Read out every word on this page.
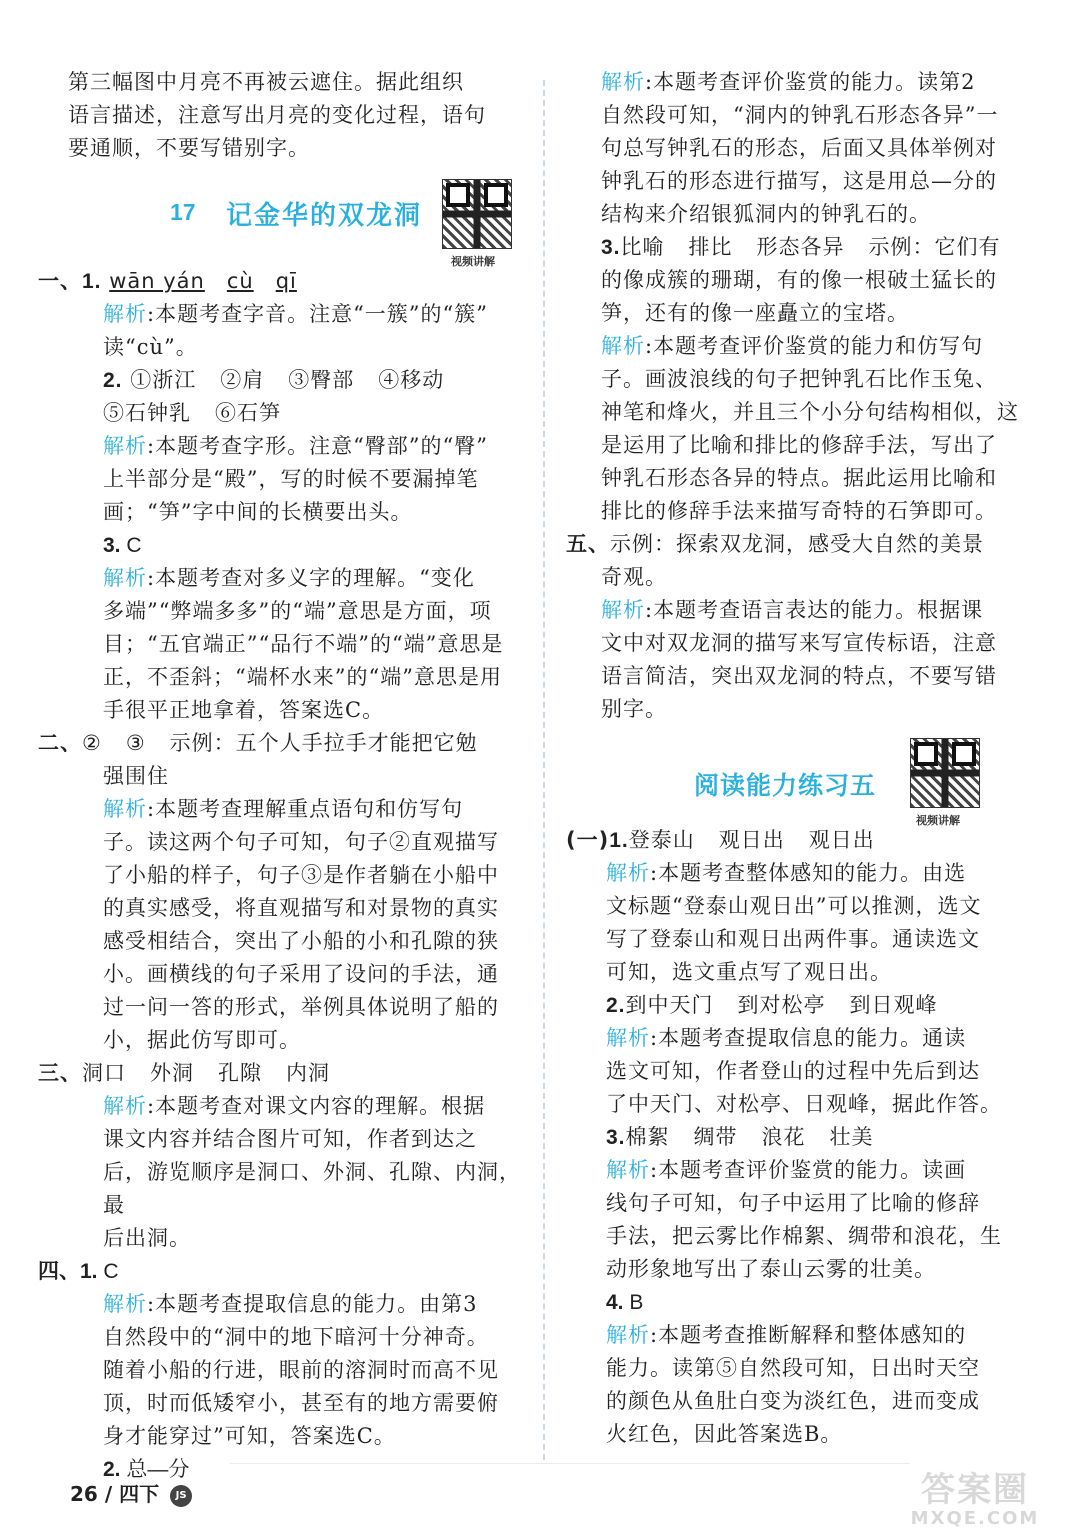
第三幅图中月亮不再被云遮住。据此组织

语言描述，注意写出月亮的变化过程，语句

要通顺，不要写错别字。

17 记金华的双龙洞
视频讲解

一、1. wān yán cù qī

解析:本题考查字音。注意“一簇”的“簇”

读“cù”。

2. ①浙江 ②肩 ③臀部 ④移动

⑤石钟乳 ⑥石笋

解析:本题考查字形。注意“臀部”的“臀”

上半部分是“殿”，写的时候不要漏掉笔

画；“笋”字中间的长横要出头。

3. C

解析:本题考查对多义字的理解。“变化

多端”“弊端多多”的“端”意思是方面，项

目；“五官端正”“品行不端”的“端”意思是

正，不歪斜；“端杯水来”的“端”意思是用

手很平正地拿着，答案选C。

二、② ③ 示例：五个人手拉手才能把它勉

强围住

解析:本题考查理解重点语句和仿写句

子。读这两个句子可知，句子②直观描写

了小船的样子，句子③是作者躺在小船中

的真实感受，将直观描写和对景物的真实

感受相结合，突出了小船的小和孔隙的狭

小。画横线的句子采用了设问的手法，通

过一问一答的形式，举例具体说明了船的

小，据此仿写即可。

三、洞口 外洞 孔隙 内洞

解析:本题考查对课文内容的理解。根据

课文内容并结合图片可知，作者到达之

后，游览顺序是洞口、外洞、孔隙、内洞，最

后出洞。

四、1. C

解析:本题考查提取信息的能力。由第3

自然段中的“洞中的地下暗河十分神奇。

随着小船的行进，眼前的溶洞时而高不见

顶，时而低矮窄小，甚至有的地方需要俯

身才能穿过”可知，答案选C。

2. 总—分

解析:本题考查评价鉴赏的能力。读第2

自然段可知，“洞内的钟乳石形态各异”一

句总写钟乳石的形态，后面又具体举例对

钟乳石的形态进行描写，这是用总—分的

结构来介绍银狐洞内的钟乳石的。

3.比喻 排比 形态各异 示例：它们有

的像成簇的珊瑚，有的像一根破土猛长的

笋，还有的像一座矗立的宝塔。

解析:本题考查评价鉴赏的能力和仿写句

子。画波浪线的句子把钟乳石比作玉兔、

神笔和烽火，并且三个小分句结构相似，这

是运用了比喻和排比的修辞手法，写出了

钟乳石形态各异的特点。据此运用比喻和

排比的修辞手法来描写奇特的石笋即可。

五、示例：探索双龙洞，感受大自然的美景

奇观。

解析:本题考查语言表达的能力。根据课

文中对双龙洞的描写来写宣传标语，注意

语言简洁，突出双龙洞的特点，不要写错

别字。

阅读能力练习五
视频讲解

(一)1.登泰山 观日出 观日出

解析:本题考查整体感知的能力。由选

文标题“登泰山观日出”可以推测，选文

写了登泰山和观日出两件事。通读选文

可知，选文重点写了观日出。

2.到中天门 到对松亭 到日观峰

解析:本题考查提取信息的能力。通读

选文可知，作者登山的过程中先后到达

了中天门、对松亭、日观峰，据此作答。

3.棉絮 绸带 浪花 壮美

解析:本题考查评价鉴赏的能力。读画

线句子可知，句子中运用了比喻的修辞

手法，把云雾比作棉絮、绸带和浪花，生

动形象地写出了泰山云雾的壮美。

4. B

解析:本题考查推断解释和整体感知的

能力。读第⑤自然段可知，日出时天空

的颜色从鱼肚白变为淡红色，进而变成

火红色，因此答案选B。

26 / 四下 JS	答案圈
MXQE.COM
